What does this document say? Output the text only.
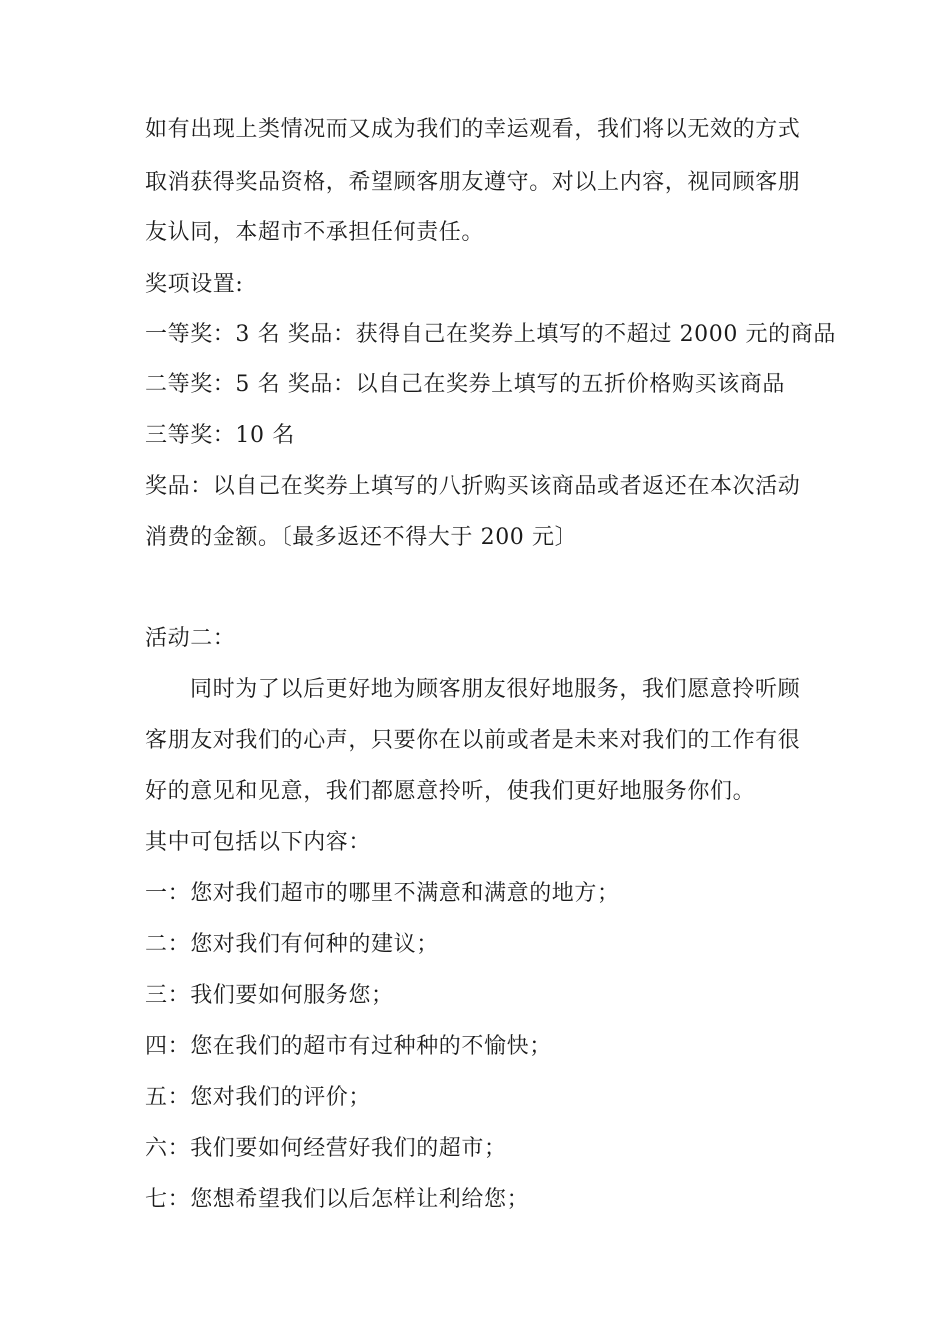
如有出现上类情况而又成为我们的幸运观看，我们将以无效的方式
取消获得奖品资格，希望顾客朋友遵守。对以上内容，视同顾客朋
友认同，本超市不承担任何责任。
奖项设置:
一等奖：3 名 奖品：获得自己在奖券上填写的不超过 2000 元的商品
二等奖：5 名 奖品：以自己在奖券上填写的五折价格购买该商品
三等奖：10 名
奖品：以自己在奖券上填写的八折购买该商品或者返还在本次活动
消费的金额。〔最多返还不得大于 200 元〕
活动二：
同时为了以后更好地为顾客朋友很好地服务，我们愿意拎听顾
客朋友对我们的心声，只要你在以前或者是未来对我们的工作有很
好的意见和见意，我们都愿意拎听，使我们更好地服务你们。
其中可包括以下内容：
一：您对我们超市的哪里不满意和满意的地方；
二：您对我们有何种的建议；
三：我们要如何服务您；
四：您在我们的超市有过种种的不愉快；
五：您对我们的评价；
六：我们要如何经营好我们的超市；
七：您想希望我们以后怎样让利给您；
